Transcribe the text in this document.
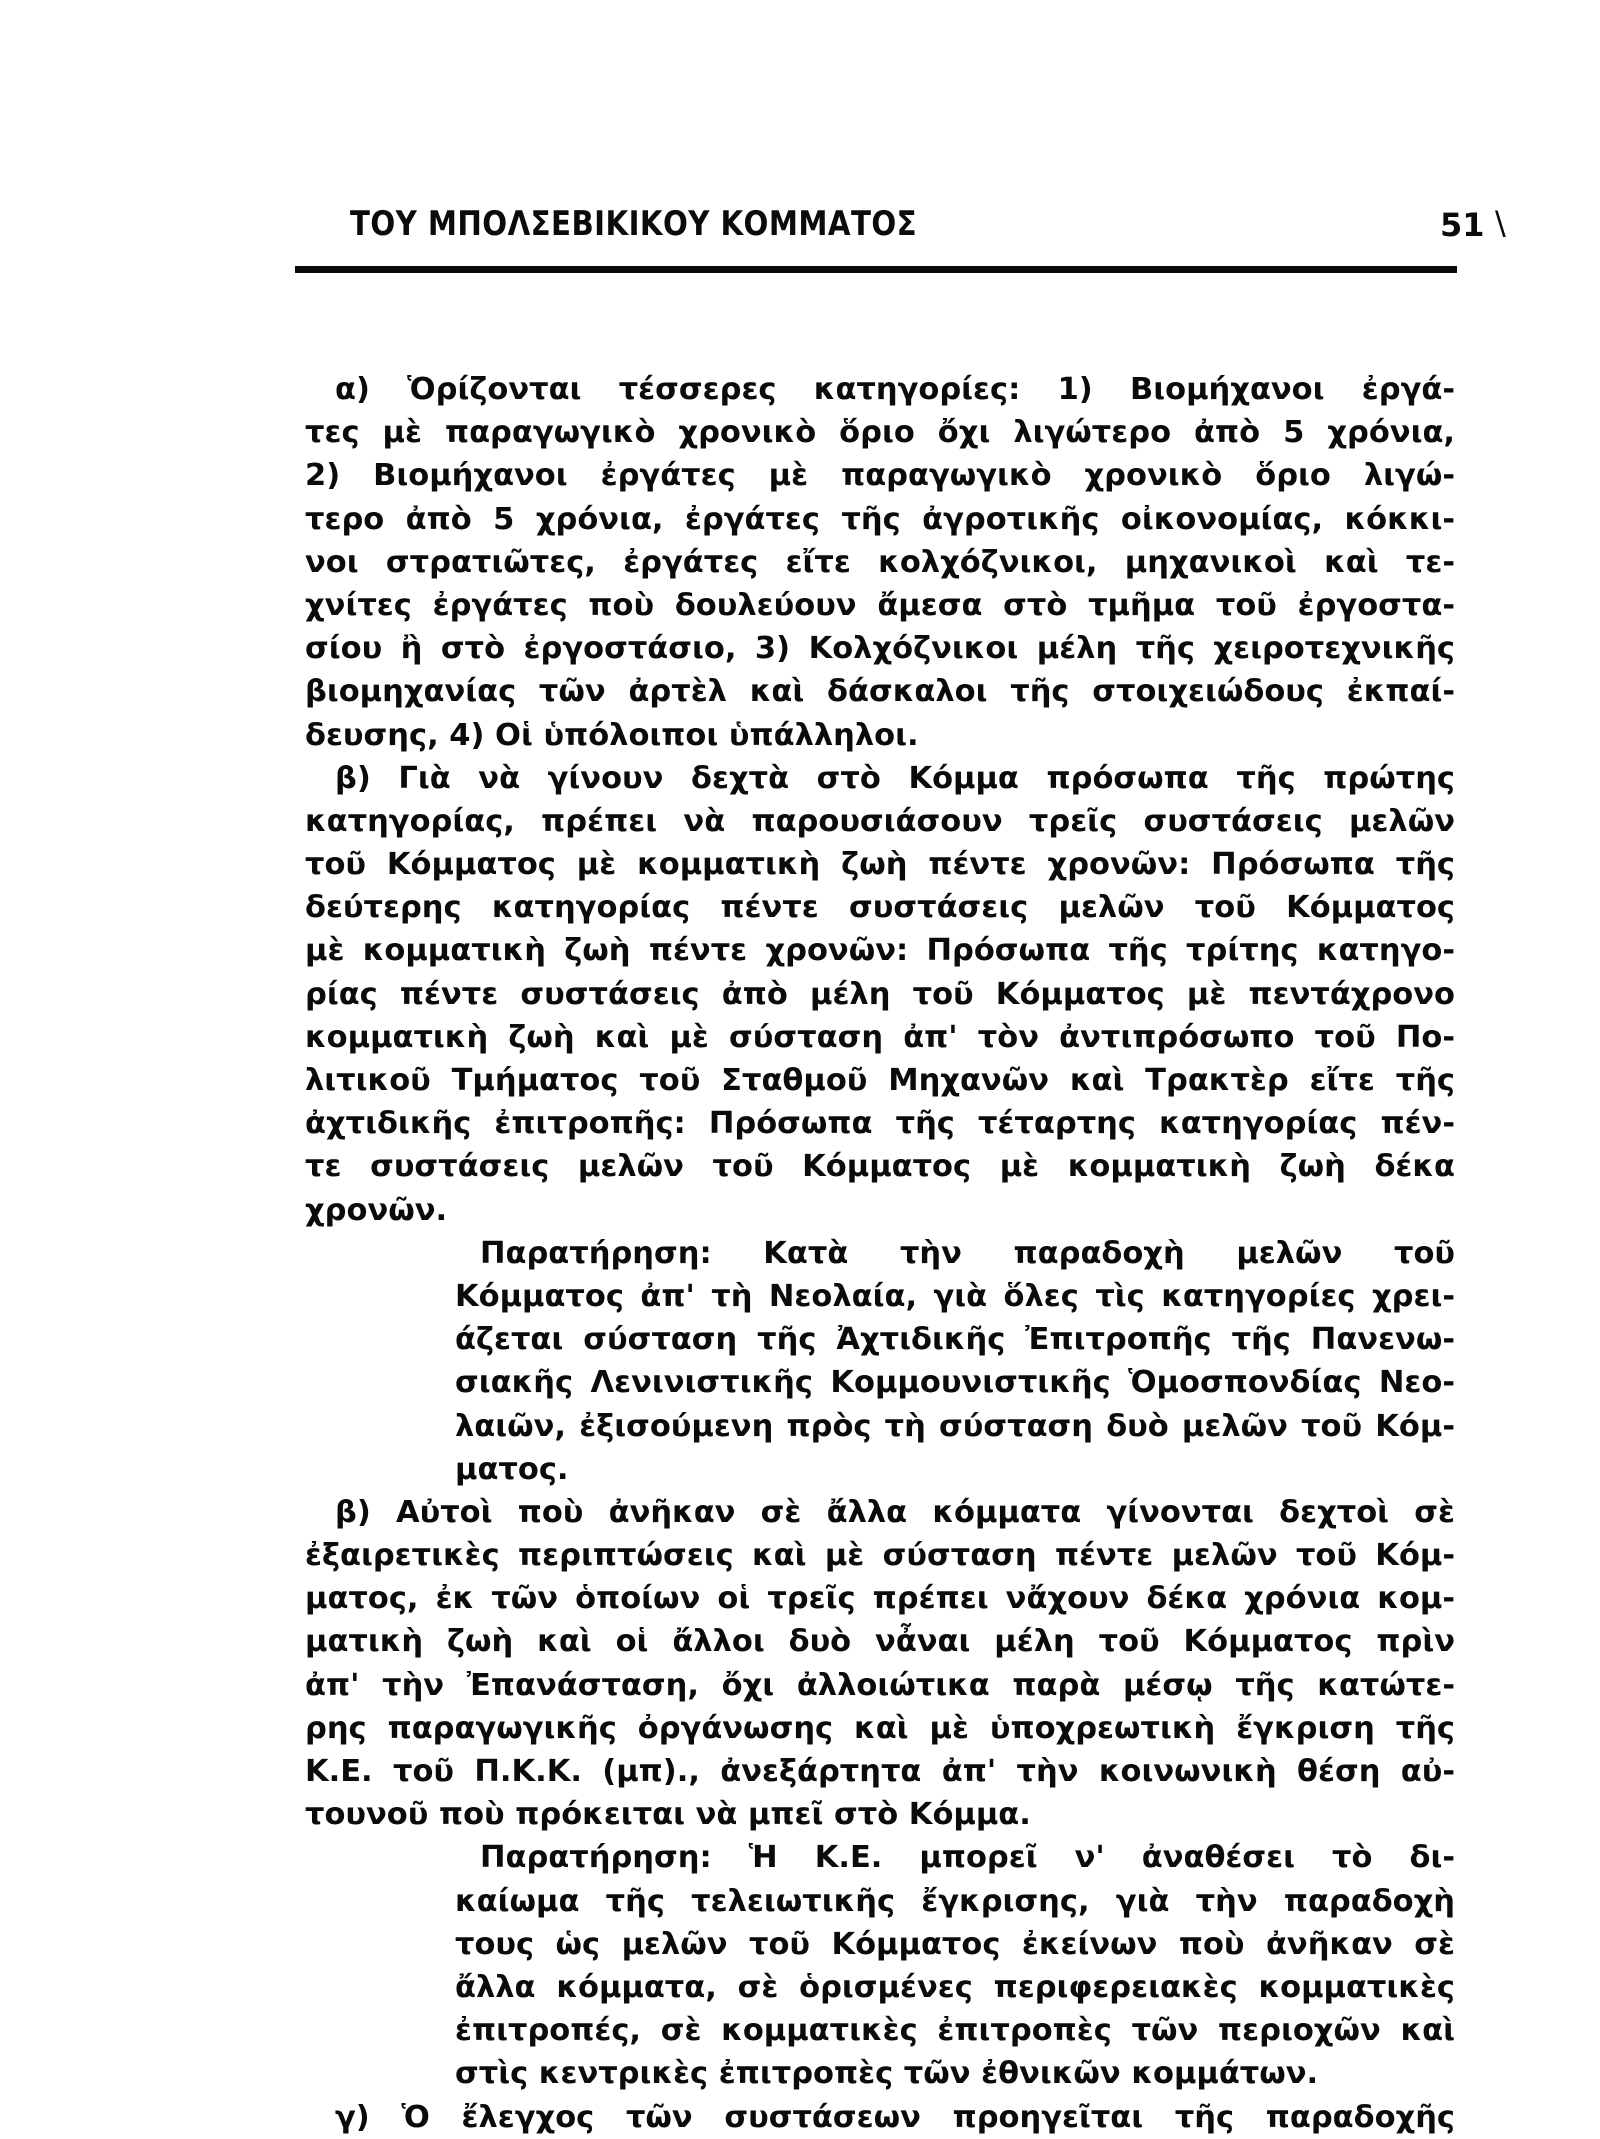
ΤΟΥ ΜΠΟΛΣΕΒΙΚΙΚΟΥ ΚΟΜΜΑΤΟΣ	51 \
α) Ὁρίζονται τέσσερες κατηγορίες: 1) Βιομήχανοι ἐργά-
τες μὲ παραγωγικὸ χρονικὸ ὅριο ὄχι λιγώτερο ἀπὸ 5 χρόνια,
2) Βιομήχανοι ἐργάτες μὲ παραγωγικὸ χρονικὸ ὅριο λιγώ-
τερο ἀπὸ 5 χρόνια, ἐργάτες τῆς ἀγροτικῆς οἰκονομίας, κόκκι-
νοι στρατιῶτες, ἐργάτες εἴτε κολχόζνικοι, μηχανικοὶ καὶ τε-
χνίτες ἐργάτες ποὺ δουλεύουν ἄμεσα στὸ τμῆμα τοῦ ἐργοστα-
σίου ἢ στὸ ἐργοστάσιο, 3) Κολχόζνικοι μέλη τῆς χειροτεχνικῆς
βιομηχανίας τῶν ἀρτὲλ καὶ δάσκαλοι τῆς στοιχειώδους ἐκπαί-
δευσης, 4) Οἱ ὑπόλοιποι ὑπάλληλοι.
β) Γιὰ νὰ γίνουν δεχτὰ στὸ Κόμμα πρόσωπα τῆς πρώτης
κατηγορίας, πρέπει νὰ παρουσιάσουν τρεῖς συστάσεις μελῶν
τοῦ Κόμματος μὲ κομματικὴ ζωὴ πέντε χρονῶν: Πρόσωπα τῆς
δεύτερης κατηγορίας πέντε συστάσεις μελῶν τοῦ Κόμματος
μὲ κομματικὴ ζωὴ πέντε χρονῶν: Πρόσωπα τῆς τρίτης κατηγο-
ρίας πέντε συστάσεις ἀπὸ μέλη τοῦ Κόμματος μὲ πεντάχρονο
κομματικὴ ζωὴ καὶ μὲ σύσταση ἀπ' τὸν ἀντιπρόσωπο τοῦ Πο-
λιτικοῦ Τμήματος τοῦ Σταθμοῦ Μηχανῶν καὶ Τρακτὲρ εἴτε τῆς
ἀχτιδικῆς ἐπιτροπῆς: Πρόσωπα τῆς τέταρτης κατηγορίας πέν-
τε συστάσεις μελῶν τοῦ Κόμματος μὲ κομματικὴ ζωὴ δέκα
χρονῶν.
Παρατήρηση: Κατὰ τὴν παραδοχὴ μελῶν τοῦ
Κόμματος ἀπ' τὴ Νεολαία, γιὰ ὅλες τὶς κατηγορίες χρει-
άζεται σύσταση τῆς Ἀχτιδικῆς Ἐπιτροπῆς τῆς Πανενω-
σιακῆς Λενινιστικῆς Κομμουνιστικῆς Ὁμοσπονδίας Νεο-
λαιῶν, ἐξισούμενη πρὸς τὴ σύσταση δυὸ μελῶν τοῦ Κόμ-
ματος.
β) Αὐτοὶ ποὺ ἀνῆκαν σὲ ἄλλα κόμματα γίνονται δεχτοὶ σὲ
ἐξαιρετικὲς περιπτώσεις καὶ μὲ σύσταση πέντε μελῶν τοῦ Κόμ-
ματος, ἐκ τῶν ὁποίων οἱ τρεῖς πρέπει νἄχουν δέκα χρόνια κομ-
ματικὴ ζωὴ καὶ οἱ ἄλλοι δυὸ νἆναι μέλη τοῦ Κόμματος πρὶν
ἀπ' τὴν Ἐπανάσταση, ὄχι ἀλλοιώτικα παρὰ μέσῳ τῆς κατώτε-
ρης παραγωγικῆς ὀργάνωσης καὶ μὲ ὑποχρεωτικὴ ἔγκριση τῆς
Κ.Ε. τοῦ Π.Κ.Κ. (μπ)., ἀνεξάρτητα ἀπ' τὴν κοινωνικὴ θέση αὐ-
τουνοῦ ποὺ πρόκειται νὰ μπεῖ στὸ Κόμμα.
Παρατήρηση: Ἡ Κ.Ε. μπορεῖ ν' ἀναθέσει τὸ δι-
καίωμα τῆς τελειωτικῆς ἔγκρισης, γιὰ τὴν παραδοχὴ
τους ὡς μελῶν τοῦ Κόμματος ἐκείνων ποὺ ἀνῆκαν σὲ
ἄλλα κόμματα, σὲ ὁρισμένες περιφερειακὲς κομματικὲς
ἐπιτροπές, σὲ κομματικὲς ἐπιτροπὲς τῶν περιοχῶν καὶ
στὶς κεντρικὲς ἐπιτροπὲς τῶν ἐθνικῶν κομμάτων.
γ) Ὁ ἔλεγχος τῶν συστάσεων προηγεῖται τῆς παραδοχῆς
